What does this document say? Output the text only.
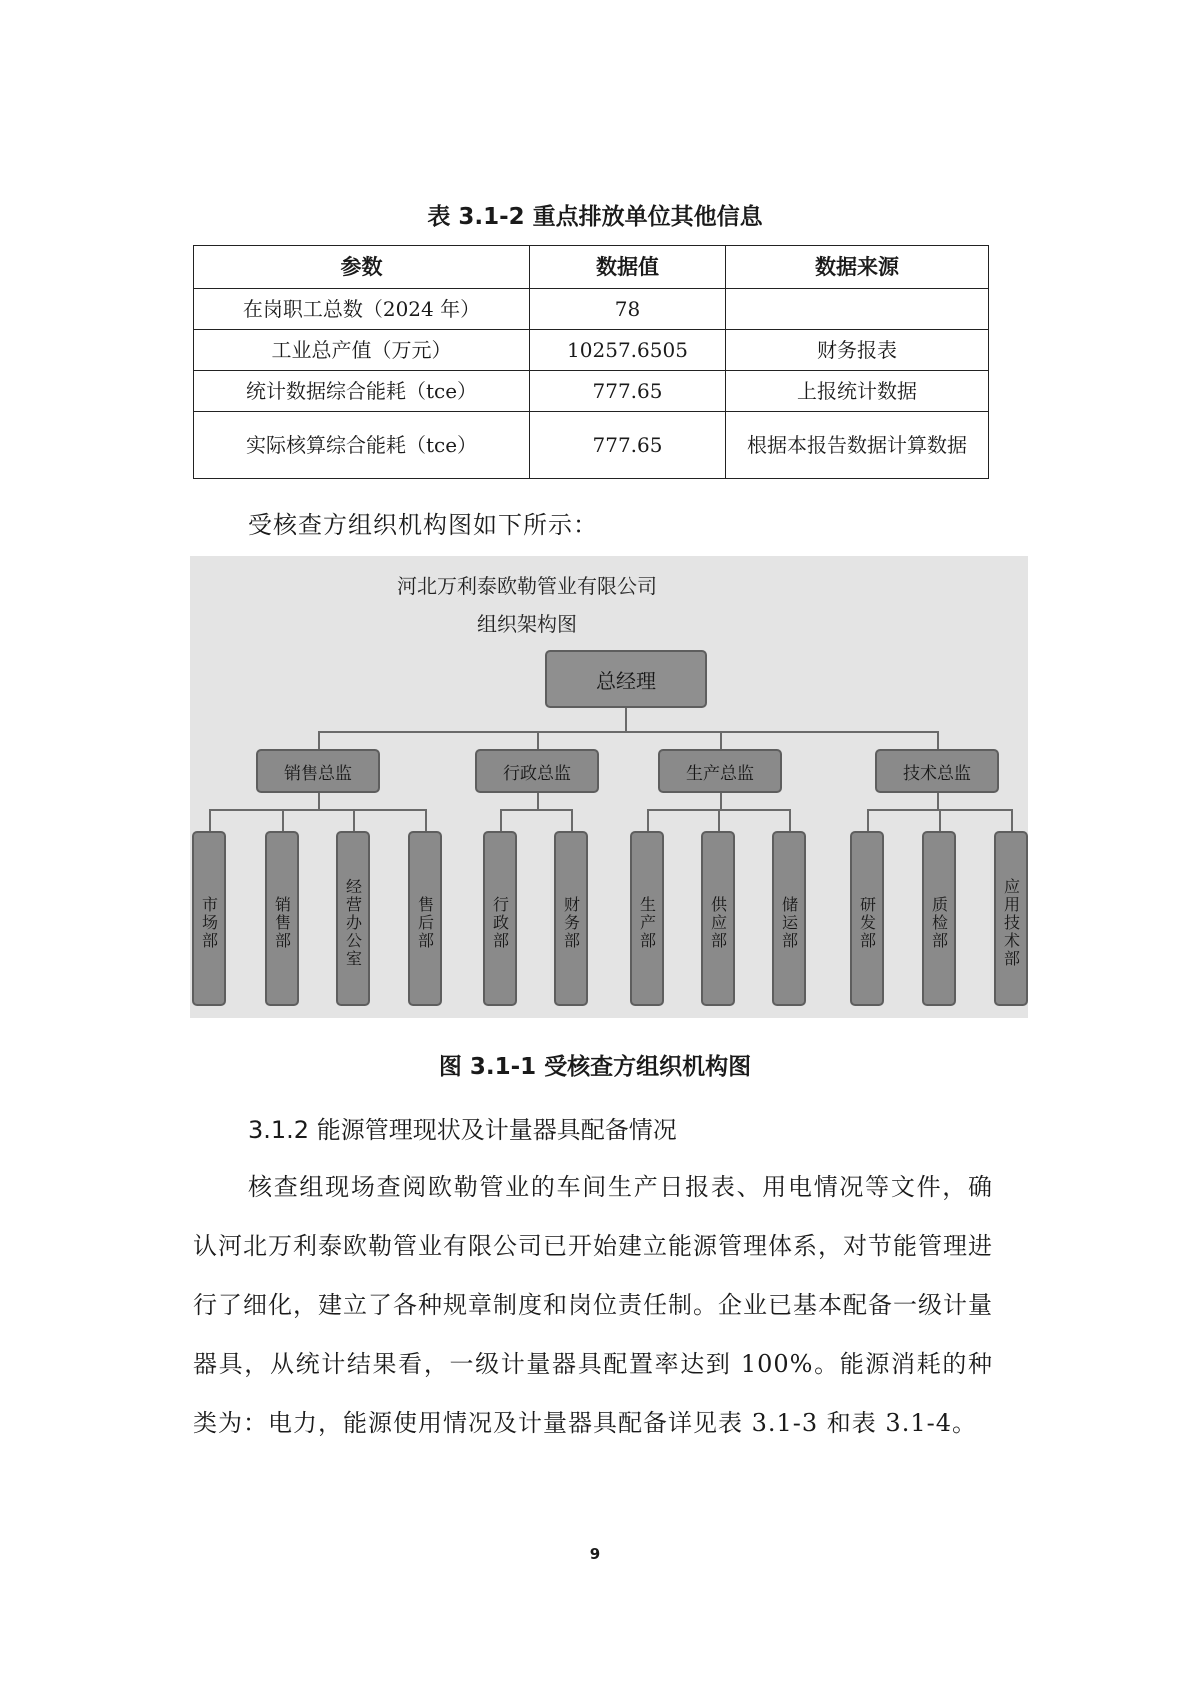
表 3.1-2 重点排放单位其他信息
参数	数据值	数据来源
在岗职工总数（2024 年）	78	
工业总产值（万元）	10257.6505	财务报表
统计数据综合能耗（tce）	777.65	上报统计数据
实际核算综合能耗（tce）	777.65	根据本报告数据计算数据
受核查方组织机构图如下所示：
河北万利泰欧勒管业有限公司
组织架构图
总经理
销售总监	行政总监	生产总监	技术总监
市场部	销售部	经营办公室	售后部	行政部	财务部	生产部	供应部	储运部	研发部	质检部	应用技术部
图 3.1-1 受核查方组织机构图
3.1.2 能源管理现状及计量器具配备情况
核查组现场查阅欧勒管业的车间生产日报表、用电情况等文件，确认河北万利泰欧勒管业有限公司已开始建立能源管理体系，对节能管理进行了细化，建立了各种规章制度和岗位责任制。企业已基本配备一级计量器具，从统计结果看，一级计量器具配置率达到 100%。能源消耗的种类为：电力，能源使用情况及计量器具配备详见表 3.1-3 和表 3.1-4。
9
